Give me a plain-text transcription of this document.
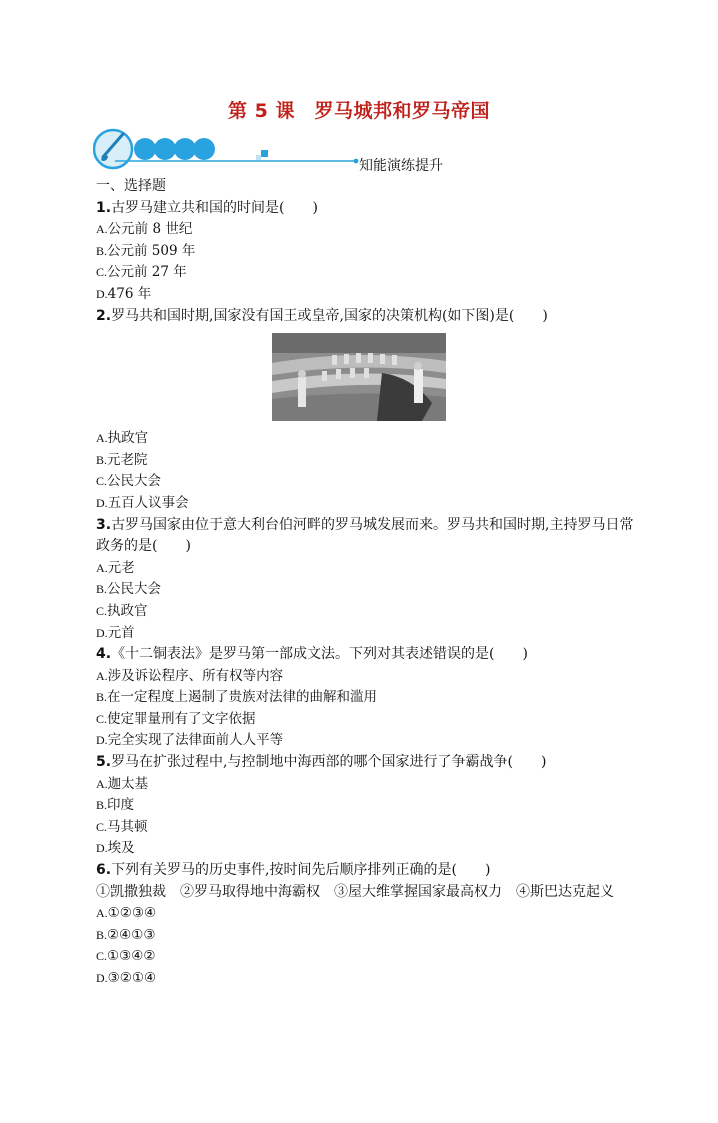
第 5 课　罗马城邦和罗马帝国
知能演练提升
一、选择题
1.古罗马建立共和国的时间是(　　)
A.公元前 8 世纪
B.公元前 509 年
C.公元前 27 年
D.476 年
2.罗马共和国时期,国家没有国王或皇帝,国家的决策机构(如下图)是(　　)
A.执政官
B.元老院
C.公民大会
D.五百人议事会
3.古罗马国家由位于意大利台伯河畔的罗马城发展而来。罗马共和国时期,主持罗马日常政务的是(　　)
A.元老
B.公民大会
C.执政官
D.元首
4.《十二铜表法》是罗马第一部成文法。下列对其表述错误的是(　　)
A.涉及诉讼程序、所有权等内容
B.在一定程度上遏制了贵族对法律的曲解和滥用
C.使定罪量刑有了文字依据
D.完全实现了法律面前人人平等
5.罗马在扩张过程中,与控制地中海西部的哪个国家进行了争霸战争(　　)
A.迦太基
B.印度
C.马其顿
D.埃及
6.下列有关罗马的历史事件,按时间先后顺序排列正确的是(　　)
①凯撒独裁　②罗马取得地中海霸权　③屋大维掌握国家最高权力　④斯巴达克起义
A.①②③④
B.②④①③
C.①③④②
D.③②①④
